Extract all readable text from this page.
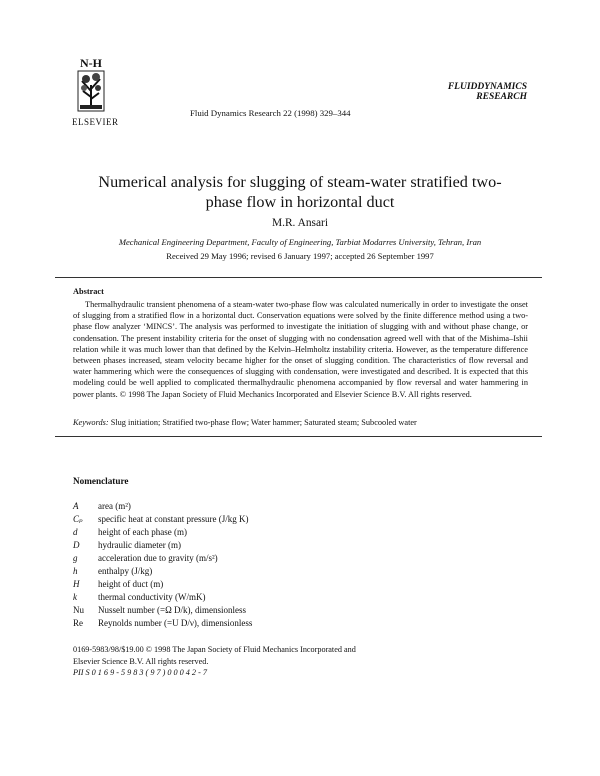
N-H
ELSEVIER
Fluid Dynamics Research 22 (1998) 329–344
FLUIDDYNAMICS
RESEARCH
Numerical analysis for slugging of steam-water stratified two-phase flow in horizontal duct
M.R. Ansari
Mechanical Engineering Department, Faculty of Engineering, Tarbiat Modarres University, Tehran, Iran
Received 29 May 1996; revised 6 January 1997; accepted 26 September 1997
Abstract
Thermalhydraulic transient phenomena of a steam-water two-phase flow was calculated numerically in order to investigate the onset of slugging from a stratified flow in a horizontal duct. Conservation equations were solved by the finite difference method using a two-phase flow analyzer ‘MINCS’. The analysis was performed to investigate the initiation of slugging with and without phase change, or condensation. The present instability criteria for the onset of slugging with no condensation agreed well with that of the Mishima–Ishii relation while it was much lower than that defined by the Kelvin–Helmholtz instability criteria. However, as the temperature difference between phases increased, steam velocity became higher for the onset of slugging condition. The characteristics of flow reversal and water hammering which were the consequences of slugging with condensation, were investigated and described. It is expected that this modeling could be well applied to complicated thermalhydraulic phenomena accompanied by flow reversal and water hammering in power plants. © 1998 The Japan Society of Fluid Mechanics Incorporated and Elsevier Science B.V. All rights reserved.
Keywords: Slug initiation; Stratified two-phase flow; Water hammer; Saturated steam; Subcooled water
Nomenclature
A	area (m²)
Cₚ	specific heat at constant pressure (J/kg K)
d	height of each phase (m)
D	hydraulic diameter (m)
g	acceleration due to gravity (m/s²)
h	enthalpy (J/kg)
H	height of duct (m)
k	thermal conductivity (W/mK)
Nu	Nusselt number (=Ω D/k), dimensionless
Re	Reynolds number (=U D/ν), dimensionless
0169-5983/98/$19.00 © 1998 The Japan Society of Fluid Mechanics Incorporated and
Elsevier Science B.V. All rights reserved.
PII S 0 1 6 9 - 5 9 8 3 ( 9 7 ) 0 0 0 4 2 - 7
